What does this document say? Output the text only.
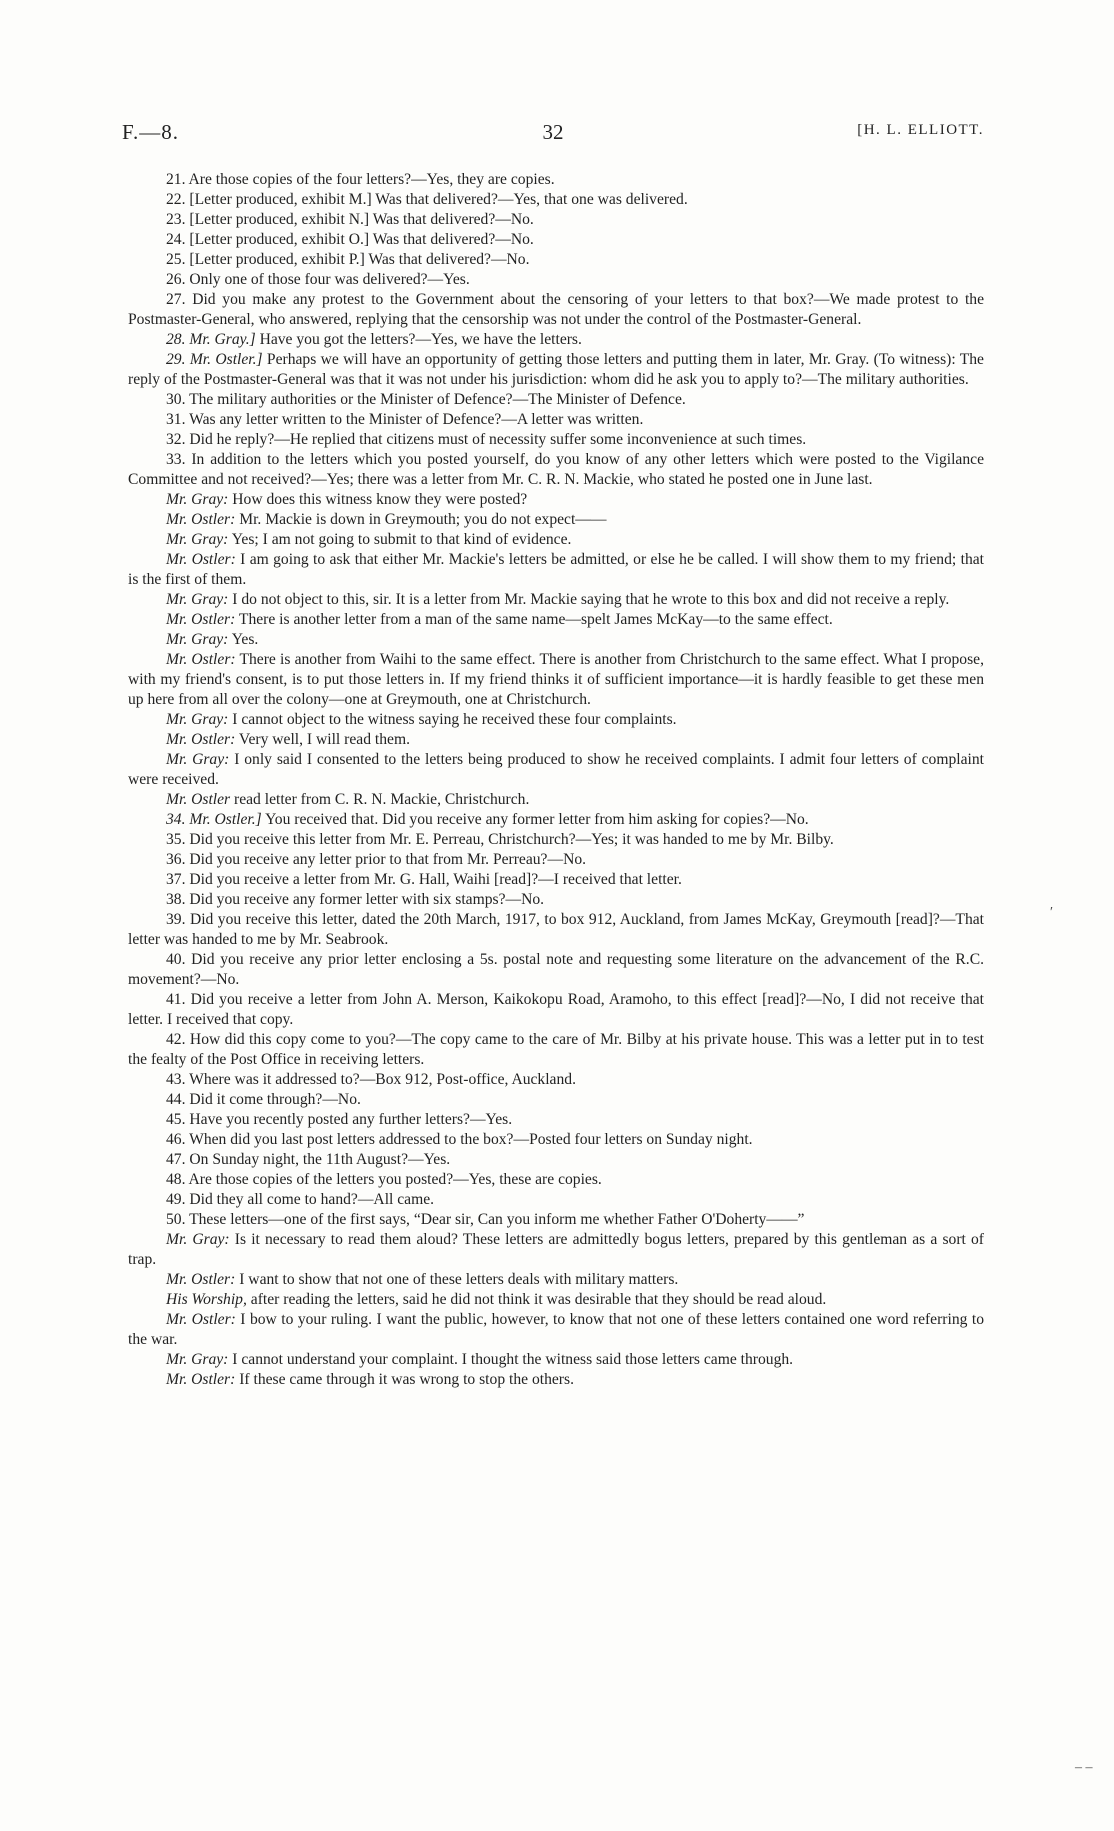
F.—8.	32	[H. L. ELLIOTT.

21. Are those copies of the four letters?—Yes, they are copies.

22. [Letter produced, exhibit M.] Was that delivered?—Yes, that one was delivered.

23. [Letter produced, exhibit N.] Was that delivered?—No.

24. [Letter produced, exhibit O.] Was that delivered?—No.

25. [Letter produced, exhibit P.] Was that delivered?—No.

26. Only one of those four was delivered?—Yes.

27. Did you make any protest to the Government about the censoring of your letters to that box?—We made protest to the Postmaster-General, who answered, replying that the censorship was not under the control of the Postmaster-General.

28. Mr. Gray.] Have you got the letters?—Yes, we have the letters.

29. Mr. Ostler.] Perhaps we will have an opportunity of getting those letters and putting them in later, Mr. Gray. (To witness): The reply of the Postmaster-General was that it was not under his jurisdiction: whom did he ask you to apply to?—The military authorities.

30. The military authorities or the Minister of Defence?—The Minister of Defence.

31. Was any letter written to the Minister of Defence?—A letter was written.

32. Did he reply?—He replied that citizens must of necessity suffer some inconvenience at such times.

33. In addition to the letters which you posted yourself, do you know of any other letters which were posted to the Vigilance Committee and not received?—Yes; there was a letter from Mr. C. R. N. Mackie, who stated he posted one in June last.

Mr. Gray: How does this witness know they were posted?

Mr. Ostler: Mr. Mackie is down in Greymouth; you do not expect——

Mr. Gray: Yes; I am not going to submit to that kind of evidence.

Mr. Ostler: I am going to ask that either Mr. Mackie's letters be admitted, or else he be called. I will show them to my friend; that is the first of them.

Mr. Gray: I do not object to this, sir. It is a letter from Mr. Mackie saying that he wrote to this box and did not receive a reply.

Mr. Ostler: There is another letter from a man of the same name—spelt James McKay—to the same effect.

Mr. Gray: Yes.

Mr. Ostler: There is another from Waihi to the same effect. There is another from Christchurch to the same effect. What I propose, with my friend's consent, is to put those letters in. If my friend thinks it of sufficient importance—it is hardly feasible to get these men up here from all over the colony—one at Greymouth, one at Christchurch.

Mr. Gray: I cannot object to the witness saying he received these four complaints.

Mr. Ostler: Very well, I will read them.

Mr. Gray: I only said I consented to the letters being produced to show he received complaints. I admit four letters of complaint were received.

Mr. Ostler read letter from C. R. N. Mackie, Christchurch.

34. Mr. Ostler.] You received that. Did you receive any former letter from him asking for copies?—No.

35. Did you receive this letter from Mr. E. Perreau, Christchurch?—Yes; it was handed to me by Mr. Bilby.

36. Did you receive any letter prior to that from Mr. Perreau?—No.

37. Did you receive a letter from Mr. G. Hall, Waihi [read]?—I received that letter.

38. Did you receive any former letter with six stamps?—No.

39. Did you receive this letter, dated the 20th March, 1917, to box 912, Auckland, from James McKay, Greymouth [read]?—That letter was handed to me by Mr. Seabrook.

40. Did you receive any prior letter enclosing a 5s. postal note and requesting some literature on the advancement of the R.C. movement?—No.

41. Did you receive a letter from John A. Merson, Kaikokopu Road, Aramoho, to this effect [read]?—No, I did not receive that letter. I received that copy.

42. How did this copy come to you?—The copy came to the care of Mr. Bilby at his private house. This was a letter put in to test the fealty of the Post Office in receiving letters.

43. Where was it addressed to?—Box 912, Post-office, Auckland.

44. Did it come through?—No.

45. Have you recently posted any further letters?—Yes.

46. When did you last post letters addressed to the box?—Posted four letters on Sunday night.

47. On Sunday night, the 11th August?—Yes.

48. Are those copies of the letters you posted?—Yes, these are copies.

49. Did they all come to hand?—All came.

50. These letters—one of the first says, “Dear sir, Can you inform me whether Father O'Doherty——”

Mr. Gray: Is it necessary to read them aloud? These letters are admittedly bogus letters, prepared by this gentleman as a sort of trap.

Mr. Ostler: I want to show that not one of these letters deals with military matters.

His Worship, after reading the letters, said he did not think it was desirable that they should be read aloud.

Mr. Ostler: I bow to your ruling. I want the public, however, to know that not one of these letters contained one word referring to the war.

Mr. Gray: I cannot understand your complaint. I thought the witness said those letters came through.

Mr. Ostler: If these came through it was wrong to stop the others.

′
‒ –
